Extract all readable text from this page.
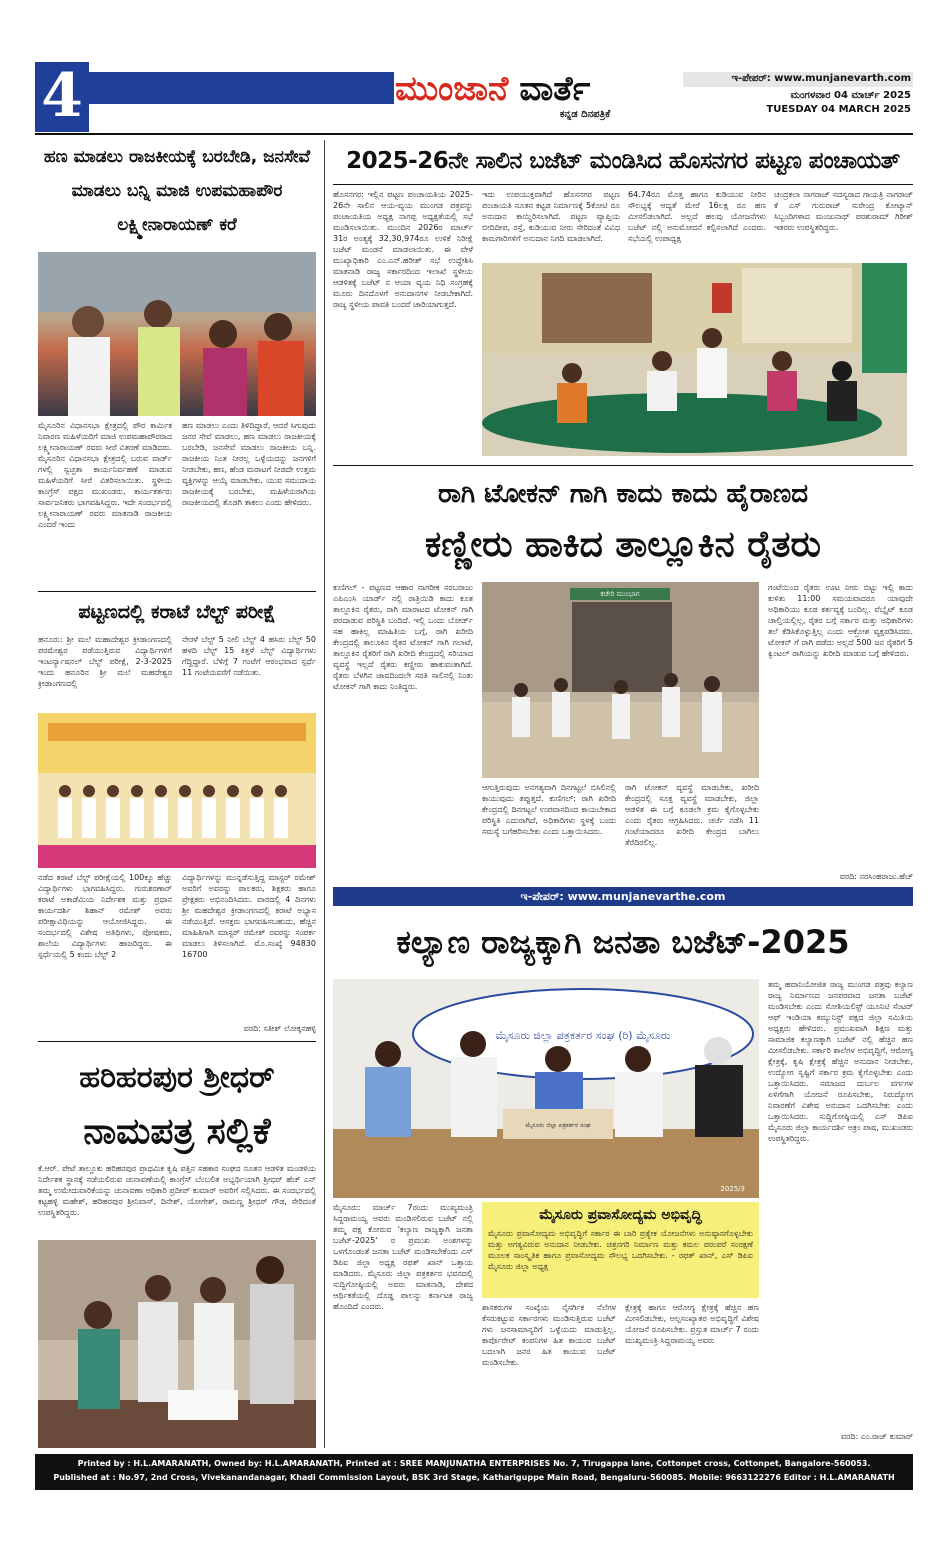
4	ಮುಂಜಾನೆ ವಾರ್ತೆ
ಕನ್ನಡ ದಿನಪತ್ರಿಕೆ
ಇ-ಪೇಪರ್: www.munjanevarth.com
ಮಂಗಳವಾರ 04 ಮಾರ್ಚ್ 2025
TUESDAY 04 MARCH 2025
ಹಣ ಮಾಡಲು ರಾಜಕೀಯಕ್ಕೆ ಬರಬೇಡಿ, ಜನಸೇವೆ ಮಾಡಲು ಬನ್ನಿ ಮಾಜಿ ಉಪಮಹಾಪೌರ ಲಕ್ಷ್ಮೀನಾರಾಯಣ್ ಕರೆ
ಮೈಸೂರಿನ ವಿಧಾನಸಭಾ ಕ್ಷೇತ್ರದಲ್ಲಿ ಪೌರ ಕಾರ್ಮಿಕ ನಿವಾರಣ ಮಹಿಳೆಯರಿಗೆ ಮಾಜಿ ಉಪಮಹಾಪೌರರಾದ ಲಕ್ಷ್ಮೀನಾರಾಯಣ್ ರವರು ಸೀರೆ ವಿತರಣೆ ಮಾಡಿದರು. ಮೈಸೂರಿನ ವಿಧಾನಸಭಾ ಕ್ಷೇತ್ರದಲ್ಲಿ ಬರುವ ವಾರ್ಡ್ ಗಳಲ್ಲಿ ಸ್ವಚ್ಛತಾ ಕಾರ್ಯನಿರ್ವಹಣೆ ಮಾಡುವ ಮಹಿಳೆಯರಿಗೆ ಸೀರೆ ವಿತರಿಸಲಾಯಿತು. ಸ್ಥಳೀಯ ಕಾಂಗ್ರೆಸ್ ಪಕ್ಷದ ಮುಖಂಡರು, ಕಾರ್ಯಕರ್ತರು ಸಾರ್ವಜನಿಕರು ಭಾಗವಹಿಸಿದ್ದರು. ಇದೇ ಸಂದರ್ಭದಲ್ಲಿ ಲಕ್ಷ್ಮೀನಾರಾಯಣ್ ರವರು ಮಾತನಾಡಿ ರಾಜಕೀಯ ಎಂದರೆ ಇಂದು
ಹಣ ಮಾಡಲು ಎಂದು ತಿಳಿದಿದ್ದಾರೆ, ಆದರೆ ಸಿಗುವುದು ಜನರ ಸೇವೆ ಮಾಡಲು, ಹಣ ಮಾಡಲು ರಾಜಕೀಯಕ್ಕೆ ಬರಬೇಡಿ, ಜನಸೇವೆ ಮಾಡಲು ರಾಜಕೀಯ ಬನ್ನಿ. ರಾಜಕೀಯ ನಿಂತ ನೀರಲ್ಲ ಒಳ್ಳೆಯದನ್ನು ಜನಗಳಿಗೆ ನೀಡಬೇಕು, ಹಣ, ಹೆಂಡ ಮರಾಟಗೆ ನೀಡದೇ ಉತ್ತಮ ವ್ಯಕ್ತಿಗಳನ್ನು ಆಯ್ಕೆ ಮಾಡಬೇಕು. ಯುವ ಸಮುದಾಯ ರಾಜಕೀಯಕ್ಕೆ ಬರಬೇಕು, ಮಹಿಳೆಯರಾಗಿಯ ರಾಜಕೀಯದಲ್ಲಿ ತೊಡಗಿ ತಾಕಲು ಎಂದು ಹೇಳಿದರು.
ಪಟ್ಟಣದಲ್ಲಿ ಕರಾಟೆ ಬೆಲ್ಟ್ ಪರೀಕ್ಷೆ
ಹನೂರು: ಶ್ರೀ ಮಲೆ ಮಹಾದೇಶ್ವರ ಕ್ರೀಡಾಂಗಣದಲ್ಲಿ ಪರಮೇಶ್ವರ ಪಡೆಯುತ್ತಿರುವ ವಿದ್ಯಾರ್ಥಿಗಳಿಗೆ ಇಂಟರ್ನ್ಯಾಷನಲ್ ಬೆಲ್ಟ್ ಪರೀಕ್ಷೆ, 2-3-2025 ಇಂದು ಹನೂರಿನ ಶ್ರೀ ಮಲೆ ಮಹದೇಶ್ವರ ಕ್ರೀಡಾಂಗಣದಲ್ಲಿ
ನೇರಳೆ ಬೆಲ್ಟ್ 5 ನೀಲಿ ಬೆಲ್ಟ್ 4 ಹಸಿರು ಬೆಲ್ಟ್ 50 ಹಳದಿ ಬೆಲ್ಟ್ 15 ಕಿತ್ತಳೆ ಬೆಲ್ಟ್ ವಿದ್ಯಾರ್ಥಿಗಳು ಗೆದ್ದಿದ್ದಾರೆ. ಬೆಳಿಗ್ಗೆ 7 ಗಂಟೆಗೆ ಆರಂಭವಾದ ಸ್ಪರ್ಧೆ 11 ಗಂಟೆಯವರೆಗೆ ನಡೆಯಿತು.
ನಡೆದ ಕರಾಟೆ ಬೆಲ್ಟ್ ಪರೀಕ್ಷೆಯಲ್ಲಿ 100ಕ್ಕೂ ಹೆಚ್ಚು ವಿದ್ಯಾರ್ಥಿಗಳು ಭಾಗವಹಿಸಿದ್ದರು. ಗುರುಶರಣಾರ್ ಕರಾಟೆ ಅಕಾಡೆಮಿಯ ನಿರ್ದೇಶಕ ಮತ್ತು ಪ್ರಧಾನ ಕಾರ್ಯದರ್ಶಿ ಶಿಹಾನ್ ರಮೇಶ್ ಅವರು ಪರೀಕ್ಷಾವಿಧಿಯನ್ನು ಆಯೋಜಿಸಿದ್ದರು. ಈ ಸಂದರ್ಭದಲ್ಲಿ ವಿಶೇಷ ಅತಿಥಿಗಳು, ಪೋಷಕರು, ಶಾಲೆಯ ವಿದ್ಯಾರ್ಥಿಗಳು ಹಾಜರಿದ್ದರು. ಈ ಸ್ಪರ್ಧೆಯಲ್ಲಿ 5 ಕಂದು ಬೆಲ್ಟ್ 2
ವಿದ್ಯಾರ್ಥಿಗಳನ್ನು ಮುನ್ನಡೆಸುತ್ತಿದ್ದ ಮಾಸ್ಟರ್ ರಮೇಶ್ ಅವರಿಗೆ ಅವರನ್ನು ಪಾಲಕರು, ಶಿಕ್ಷಕರು ಹಾಗೂ ಪ್ರೇಕ್ಷಕರು ಅಭಿನಂದಿಸಿದರು. ವಾರದಲ್ಲಿ 4 ದಿನಗಳು ಶ್ರೀ ಮಹದೇಶ್ವರ ಕ್ರೀಡಾಂಗಣದಲ್ಲಿ ಕರಾಟೆ ಅಭ್ಯಾಸ ನಡೆಯುತ್ತಿದೆ. ಆಸಕ್ತರು ಭಾಗವಹಿಸಬಹುದು, ಹೆಚ್ಚಿನ ಮಾಹಿತಿಗಾಗಿ ಮಾಸ್ಟರ್ ರಮೇಶ್ ರವರನ್ನು ಸಂಪರ್ಕ ಮಾಡಲು ತಿಳಿಸಲಾಗಿದೆ. ಮೊ.ಸಂಖ್ಯೆ 94830 16700
ವರದಿ: ಸತೀಶ್ ಲೋಕ್ಕನಹಳ್ಳಿ
ಹರಿಹರಪುರ ಶ್ರೀಧರ್
ನಾಮಪತ್ರ ಸಲ್ಲಿಕೆ
ಕೆ.ಆರ್. ಪೇಟೆ ತಾಲ್ಲೂಕು ಹರಿಹರಪುರ ಪ್ರಾಥಮಿಕ ಕೃಷಿ ಪತ್ತಿನ ಸಹಕಾರ ಸಂಘದ ನೂತನ ಆಡಳಿತ ಮಂಡಳಿಯ ನಿರ್ದೇಶಕ ಸ್ಥಾನಕ್ಕೆ ನಡೆಯಲಿರುವ ಚುನಾವಣೆಯಲ್ಲಿ ಕಾಂಗ್ರೆಸ್ ಬೆಂಬಲಿತ ಅಭ್ಯರ್ಥಿಯಾಗಿ ಶ್ರೀಧರ್ ಹೆಚ್ ಎನ್ ತಮ್ಮ ಉಮೇದುವಾರಿಕೆಯನ್ನು ಚುನಾವಣಾ ಅಧಿಕಾರಿ ಪ್ರದೀಪ್ ಕುಮಾರ್ ಅವರಿಗೆ ಸಲ್ಲಿಸಿದರು. ಈ ಸಂದರ್ಭದಲ್ಲಿ ಕಟ್ಟಹಳ್ಳಿ ಮಹೇಶ್, ಹರಿಹರಪುರ ಶ್ರೀನಿವಾಸ್, ದಿನೇಶ್, ಯೋಗೇಶ್, ರಾಮಣ್ಣ ಶ್ರೀಧರ್ ಗೌಡ, ಸೇರಿದಂತೆ ಉಪಸ್ಥಿತರಿದ್ದರು.
2025-26ನೇ ಸಾಲಿನ ಬಜೆಟ್ ಮಂಡಿಸಿದ ಹೊಸನಗರ ಪಟ್ಟಣ ಪಂಚಾಯತ್
ಹೊಸನಗರ: ಇಲ್ಲಿನ ಪಟ್ಟಣ ಪಂಚಾಯತಿಯ 2025-26ನೇ ಸಾಲಿನ ಆಯ-ವ್ಯಯ ಮುಂಗಡ ಪತ್ರವನ್ನು ಪಂಚಾಯತಿಯ ಅಧ್ಯಕ್ಷ ನಾಗಪ್ಪ ಅಧ್ಯಕ್ಷತೆಯಲ್ಲಿ ಸಭೆ ಮಂಡಿಸಲಾಯಿತು. ಮುಂದಿನ 2026ರ ಮಾರ್ಚ್ 31ರ ಅಂತ್ಯಕ್ಕೆ 32,30,974ರೂ ಉಳಿಕೆ ನಿರೀಕ್ಷೆ ಬಜೆಟ್ ಮಂಡನೆ ಮಾಡಲಾಯಿತು. ಈ ವೇಳೆ ಮುಖ್ಯಾಧಿಕಾರಿ ಎಂ.ಎನ್.ಹರೀಶ್ ಸಭೆ ಉದ್ದೇಶಿಸಿ ಮಾತನಾಡಿ ರಾಜ್ಯ ಸರ್ಕಾರದಿಂದ ಇಲಾಖೆ ಸ್ಥಳೀಯ ಆಡಳಿತಕ್ಕೆ ಬಜೆಟ್ ನ ಆಯಾ ವ್ಯಯ ನಿಧಿ ಸಂಗ್ರಹಕ್ಕೆ ಮೂರು ದಿನದೊಳಗೆ ಅನುದಾನಗಳ ನೀಡಬೇಕಾಗಿದೆ. ರಾಜ್ಯ ಸ್ಥಳೀಯ ಪಾವತಿ ಬಂದರೆ ಜಾರಿಯಾಗುತ್ತದೆ.
ಇದು ಉಪಯುಕ್ತವಾಗಿದೆ ಹೊಸನಗರ ಪಟ್ಟಣ ಪಂಚಾಯತಿ ನೂತನ ಕಟ್ಟಡ ನಿರ್ಮಾಣಕ್ಕೆ 5ಕೋಟಿ ರೂ ಅನುದಾನ ಕಾಯ್ದಿರಿಸಲಾಗಿದೆ. ಪಟ್ಟಣ ವ್ಯಾಪ್ತಿಯ ಬೀದಿದೀಪ, ರಸ್ತೆ, ಕುಡಿಯುವ ನೀರು ಸೇರಿದಂತೆ ವಿವಿಧ ಕಾಮಗಾರಿಗಳಿಗೆ ಅನುದಾನ ನಿಗದಿ ಮಾಡಲಾಗಿದೆ.
64.74ರೂ ಮೊತ್ತ ಹಾಗೂ ಕುಡಿಯುವ ನೀರಿನ ಸೌಲಭ್ಯಕ್ಕೆ ಆದ್ಯತೆ ಮೇರೆ 16ಲಕ್ಷ ರೂ ಹಣ ಮೀಸಲಿಡಲಾಗಿದೆ. ಅಲ್ಲದೆ ಹಲವು ಯೋಜನೆಗಳು ಬಜೆಟ್ ನಲ್ಲಿ ಅನುಮೋದನೆ ಕಲ್ಪಿಸಲಾಗಿದೆ ಎಂದರು. ಸಭೆಯಲ್ಲಿ ಉಪಾಧ್ಯಕ್ಷ
ಚಂದ್ರಕಲಾ ನಾಗರಾಜ್ ಸದಸ್ಯರಾದ ಗಾಯತ್ರಿ ನಾಗರಾಜ್ ಕೆ ಎಸ್ ಗುರುರಾಜ್ ಸುರೇಂದ್ರ ಕೋಟ್ಯಾನ್ ಸಿಬ್ಬಂದಿಗಳಾದ ಮಂಜುನಾಥ್ ಪರಶುರಾಮ್ ಗಿರೀಶ್ ಇತರರು ಉಪಸ್ಥಿತರಿದ್ದರು.
ರಾಗಿ ಟೋಕನ್ ಗಾಗಿ ಕಾದು ಕಾದು ಹೈರಾಣದ
ಕಣ್ಣೀರು ಹಾಕಿದ ತಾಲ್ಲೂಕಿನ ರೈತರು
ಕುಣಿಗಲ್ - ಪಟ್ಟಣದ ಆಹಾರ ನಾಗರೀಕ ಸರಬರಾಜು ಎಪಿಎಂಸಿ ಯಾರ್ಡ್ ನಲ್ಲಿ ರಾತ್ರಿಯಿಡಿ ಕಾದು ಕೂತ ತಾಲ್ಲೂಕಿನ ರೈತರು, ರಾಗಿ ಮಾರಾಟದ ಟೋಕನ್ ಗಾಗಿ ಪರದಾಡುವ ಪರಿಸ್ಥಿತಿ ಬಂದಿದೆ. ಇಲ್ಲಿ ಒಂದು ಬೋರ್ಡ್ ಸಹ ಹಾಕಿಲ್ಲ ಮಾಹಿತಿಯ ಬಗ್ಗೆ, ರಾಗಿ ಖರೀದಿ ಕೇಂದ್ರದಲ್ಲಿ ತಾಲೂಕಿನ ರೈತರ ಟೋಕನ್ ಗಾಗಿ ಗಲಾಟೆ, ತಾಲ್ಲೂಕಿನ ರೈತರಿಗೆ ರಾಗಿ ಖರೀದಿ ಕೇಂದ್ರದಲ್ಲಿ ಸರಿಯಾದ ವ್ಯವಸ್ಥೆ ಇಲ್ಲದೆ ರೈತರು ಕಣ್ಣೀರು ಹಾಕುವಂತಾಗಿದೆ. ರೈತರು ಬೆಳಗಿನ ಜಾವದಿಂದಲೇ ಸರತಿ ಸಾಲಿನಲ್ಲಿ ನಿಂತು ಟೋಕನ್ ಗಾಗಿ ಕಾದು ನಿಂತಿದ್ದರು.
ಆಗುತ್ತಿರುವುದು ಅನಗತ್ಯವಾಗಿ ದಿನಗಟ್ಟಲೆ ಬಿಸಿಲಿನಲ್ಲಿ ಕಾಯುವುದು ತಪ್ಪುತ್ತದೆ. ಕುಣಿಗಲ್: ರಾಗಿ ಖರೀದಿ ಕೇಂದ್ರದಲ್ಲಿ ದಿನಗಟ್ಟಲೆ ಉಪವಾಸದಿಂದ ಕಾಯಬೇಕಾದ ಪರಿಸ್ಥಿತಿ ಎದುರಾಗಿದೆ, ಅಧಿಕಾರಿಗಳು ಸ್ಥಳಕ್ಕೆ ಬಂದು ಸಮಸ್ಯೆ ಬಗೆಹರಿಸಬೇಕು ಎಂದು ಒತ್ತಾಯಿಸಿದರು.
ರಾಗಿ ಟೋಕನ್ ವ್ಯವಸ್ಥೆ ಮಾಡಬೇಕು, ಖರೀದಿ ಕೇಂದ್ರದಲ್ಲಿ ಸೂಕ್ತ ವ್ಯವಸ್ಥೆ ಮಾಡಬೇಕು, ಜಿಲ್ಲಾ ಆಡಳಿತ ಈ ಬಗ್ಗೆ ಕೂಡಲೇ ಕ್ರಮ ಕೈಗೊಳ್ಳಬೇಕು ಎಂದು ರೈತರು ಆಗ್ರಹಿಸಿದರು. ಚರ್ಚೆ ನಡೆಸಿ 11 ಗಂಟೆಯಾದರೂ ಖರೀದಿ ಕೇಂದ್ರದ ಬಾಗಿಲು ತೆರೆದಿರಲಿಲ್ಲ.
ಗಂಟೆಯಿಂದ ರೈತರು ಊಟ ನೀರು ಬಿಟ್ಟು ಇಲ್ಲಿ ಕಾದು ಕುಳಿತು 11:00 ಸಮಯವಾದರೂ ಯಾವುದೇ ಅಧಿಕಾರಿಯು ಕೂಡ ಕರ್ತವ್ಯಕ್ಕೆ ಬಂದಿಲ್ಲ. ವೆಬ್ಸೈಟ್ ಕೂಡ ಚಾಲ್ತಿಯಲ್ಲಿಲ್ಲ, ರೈತರ ಬಗ್ಗೆ ಸರ್ಕಾರ ಮತ್ತು ಅಧಿಕಾರಿಗಳು ತಲೆ ಕೆಡಿಸಿಕೊಳ್ಳುತ್ತಿಲ್ಲ ಎಂದು ಆಕ್ರೋಶ ವ್ಯಕ್ತಪಡಿಸಿದರು. ಟೋಕನ್ ಗೆ ರಾಗಿ ಪಡೆದು ಅಲ್ಲದೆ 500 ಜನ ರೈತರಿಗೆ 5 ಕ್ವಿಂಟಲ್ ರಾಗಿಯನ್ನು ಖರೀದಿ ಮಾಡುವ ಬಗ್ಗೆ ಹೇಳಿದರು.
ವರದಿ: ನರಸಿಂಹರಾಜು.ಹೆಚ್
ಇ-ಪೇಪರ್: www.munjanevarthe.com
ಕಲ್ಯಾಣ ರಾಜ್ಯಕ್ಕಾಗಿ ಜನತಾ ಬಜೆಟ್-2025
ಮೈಸೂರು ಜಿಲ್ಲಾ ಪತ್ರಕರ್ತರ ಸಂಘ (ರಿ) ಮೈಸೂರು
ಮೈಸೂರು ಜಿಲ್ಲಾ ಪತ್ರಕರ್ತರ ಸಂಘ
2025/3
ತಮ್ಮ ಹವಾನಿಯೋಜಿತ ರಾಜ್ಯ ಮುಂಗಡ ಪತ್ರವು ಕಲ್ಯಾಣ ರಾಜ್ಯ ನಿರ್ಮಾಣದ ಜನಪರವಾದ ಜನತಾ ಬಜೆಟ್ ಮಂಡಿಸಬೇಕು ಎಂದು ಸೋಶಿಯಲಿಸ್ಟ್ ಯೂನಿಟಿ ಸೆಂಟರ್ ಆಫ್ ಇಂಡಿಯಾ ಕಮ್ಯುನಿಸ್ಟ್ ಪಕ್ಷದ ಜಿಲ್ಲಾ ಸಮಿತಿಯ ಅಧ್ಯಕ್ಷರು ಹೇಳಿದರು. ಪ್ರಮುಖವಾಗಿ ಶಿಕ್ಷಣ ಮತ್ತು ಸಾಮಾಜಿಕ ಕಲ್ಯಾಣಕ್ಕಾಗಿ ಬಜೆಟ್ ನಲ್ಲಿ ಹೆಚ್ಚಿನ ಹಣ ಮೀಸಲಿಡಬೇಕು. ಸರ್ಕಾರಿ ಶಾಲೆಗಳ ಅಭಿವೃದ್ಧಿಗೆ, ಆರೋಗ್ಯ ಕ್ಷೇತ್ರಕ್ಕೆ, ಕೃಷಿ ಕ್ಷೇತ್ರಕ್ಕೆ ಹೆಚ್ಚಿನ ಅನುದಾನ ನೀಡಬೇಕು, ಉದ್ಯೋಗ ಸೃಷ್ಟಿಗೆ ಸರ್ಕಾರ ಕ್ರಮ ಕೈಗೊಳ್ಳಬೇಕು ಎಂದು ಒತ್ತಾಯಿಸಿದರು. ಸಮಾಜದ ದುರ್ಬಲ ವರ್ಗಗಳ ಏಳಿಗೆಗಾಗಿ ಯೋಜನೆ ರೂಪಿಸಬೇಕು, ನಿರುದ್ಯೋಗ ನಿವಾರಣೆಗೆ ವಿಶೇಷ ಅನುದಾನ ಒದಗಿಸಬೇಕು ಎಂದು ಒತ್ತಾಯಿಸಿದರು. ಸುದ್ದಿಗೋಷ್ಠಿಯಲ್ಲಿ ಎಸ್ ಡಿಪಿಐ ಮೈಸೂರು ಜಿಲ್ಲಾ ಕಾರ್ಯದರ್ಶಿ ಅಕ್ರಂ ಪಾಷ, ಮುಖಂಡರು ಉಪಸ್ಥಿತರಿದ್ದರು.
ಮೈಸೂರು: ಮಾರ್ಚ್ 7ರಂದು ಮುಖ್ಯಮಂತ್ರಿ ಸಿದ್ದರಾಮಯ್ಯ ಅವರು ಮಂಡಿಸಲಿರುವ ಬಜೆಟ್ ನಲ್ಲಿ ತಮ್ಮ ಪಕ್ಷ ಕೋರುವ 'ಕಲ್ಯಾಣ ರಾಜ್ಯಕ್ಕಾಗಿ ಜನತಾ ಬಜೆಟ್-2025' ರ ಪ್ರಮುಖ ಅಂಶಗಳನ್ನು ಒಳಗೊಂಡಂತೆ ಜನತಾ ಬಜೆಟ್ ಮಂಡಿಸಬೇಕೆಂದು ಎಸ್ ಡಿಪಿಐ ಜಿಲ್ಲಾ ಅಧ್ಯಕ್ಷ ರಫತ್ ಖಾನ್ ಒತ್ತಾಯ ಮಾಡಿದರು. ಮೈಸೂರು ಜಿಲ್ಲಾ ಪತ್ರಕರ್ತರ ಭವನದಲ್ಲಿ ಸುದ್ದಿಗೋಷ್ಠಿಯಲ್ಲಿ ಅವರು ಮಾತನಾಡಿ, ದೇಶದ ಆರ್ಥಿಕತೆಯಲ್ಲಿ ದೊಡ್ಡ ಪಾಲನ್ನು ಕರ್ನಾಟಕ ರಾಜ್ಯ ಹೊಂದಿದೆ ಎಂದರು.
ಮೈಸೂರು ಪ್ರವಾಸೋದ್ಯಮ ಅಭಿವೃದ್ಧಿ
ಮೈಸೂರು ಪ್ರವಾಸೋದ್ಯಮ ಅಭಿವೃದ್ಧಿಗೆ ಸರ್ಕಾರ ಈ ಬಾರಿ ಪ್ರತ್ಯೇಕ ಯೋಜನೆಗಳು ಅನುಷ್ಠಾನಗೊಳ್ಳಬೇಕು ಮತ್ತು ಅಗತ್ಯವಿರುವ ಅನುದಾನ ನೀಡಬೇಕು. ಚಿತ್ರನಗರಿ ನಿರ್ಮಾಣ ಮತ್ತು ಕಮಲ ಪರಂಪರೆ ಸಂರಕ್ಷಣೆ ಮೂಲಕ ಸಾಂಸ್ಕೃತಿಕ ಹಾಗೂ ಪ್ರವಾಸೋದ್ಯಮ ಸೌಲಭ್ಯ ಒದಗಿಸಬೇಕು. - ರಫತ್ ಖಾನ್, ಎಸ್ ಡಿಪಿಐ ಮೈಸೂರು ಜಿಲ್ಲಾ ಅಧ್ಯಕ್ಷ
ಶಾಸಕರುಗಳ ಸಂಖ್ಯೆಯ ನೈಸರ್ಗಿಕ ನೆಲೆಗಳ ಕೆಸರುಕಟ್ಟುವ ಸರ್ಕಾರಗಳು ಮಂಡಿಸುತ್ತಿರುವ ಬಜೆಟ್ ಗಳು ಜನಸಾಮಾನ್ಯರಿಗೆ ಒಳ್ಳೆಯದು ಮಾಡುತ್ತಿಲ್ಲ. ಕಾರ್ಪೊರೇಟ್ ಕಂಪನಿಗಳ ಹಿತ ಕಾಯುವ ಬಜೆಟ್ ಬದಲಾಗಿ ಜನರ ಹಿತ ಕಾಯುವ ಬಜೆಟ್ ಮಂಡಿಸಬೇಕು.
ಕ್ಷೇತ್ರಕ್ಕೆ ಹಾಗೂ ಆರೋಗ್ಯ ಕ್ಷೇತ್ರಕ್ಕೆ ಹೆಚ್ಚಿನ ಹಣ ಮೀಸಲಿಡಬೇಕು, ಅಲ್ಪಸಂಖ್ಯಾತರ ಅಭಿವೃದ್ಧಿಗೆ ವಿಶೇಷ ಯೋಜನೆ ರೂಪಿಸಬೇಕು. ಪ್ರಸ್ತುತ ಮಾರ್ಚ್ 7 ರಂದು ಮುಖ್ಯಮಂತ್ರಿ ಸಿದ್ದರಾಮಯ್ಯ ಅವರು
ವರದಿ: ಎಂ.ರಾಜ್ ಕುಮಾರ್
ಕಚೇರಿ ಮುಂಭಾಗ
Printed by : H.L.AMARANATH, Owned by: H.L.AMARANATH, Printed at : SREE MANJUNATHA ENTERPRISES No. 7, Tirugappa lane, Cottonpet cross, Cottonpet, Bangalore-560053.
Published at : No.97, 2nd Cross, Vivekanandanagar, Khadi Commission Layout, BSK 3rd Stage, Kathariguppe Main Road, Bengaluru-560085. Mobile: 9663122276 Editor : H.L.AMARANATH
